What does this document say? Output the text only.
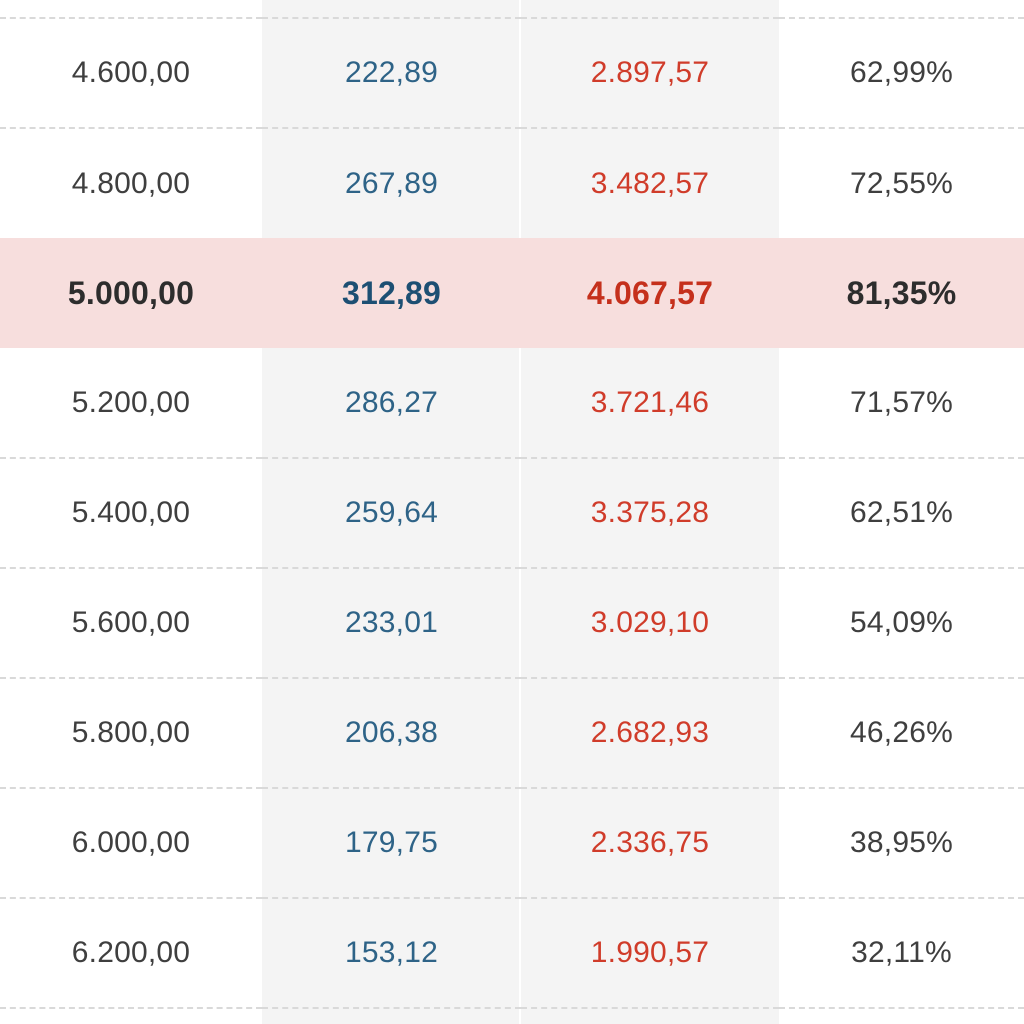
4.600,00	222,89	2.897,57	62,99%
4.800,00	267,89	3.482,57	72,55%
5.000,00	312,89	4.067,57	81,35%
5.200,00	286,27	3.721,46	71,57%
5.400,00	259,64	3.375,28	62,51%
5.600,00	233,01	3.029,10	54,09%
5.800,00	206,38	2.682,93	46,26%
6.000,00	179,75	2.336,75	38,95%
6.200,00	153,12	1.990,57	32,11%
